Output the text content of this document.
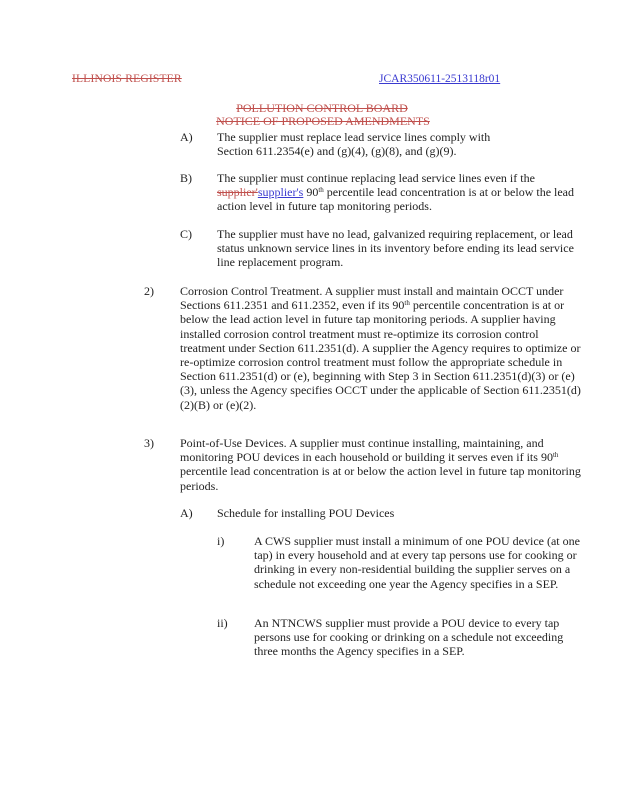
ILLINOIS REGISTER	JCAR350611-2513118r01
POLLUTION CONTROL BOARD
NOTICE OF PROPOSED AMENDMENTS
A) The supplier must replace lead service lines comply with Section 611.2354(e) and (g)(4), (g)(8), and (g)(9).

B) The supplier must continue replacing lead service lines even if the supplier'supplier's 90th percentile lead concentration is at or below the lead action level in future tap monitoring periods.

C) The supplier must have no lead, galvanized requiring replacement, or lead status unknown service lines in its inventory before ending its lead service line replacement program.

2) Corrosion Control Treatment. A supplier must install and maintain OCCT under Sections 611.2351 and 611.2352, even if its 90th percentile concentration is at or below the lead action level in future tap monitoring periods. A supplier having installed corrosion control treatment must re-optimize its corrosion control treatment under Section 611.2351(d). A supplier the Agency requires to optimize or re-optimize corrosion control treatment must follow the appropriate schedule in Section 611.2351(d) or (e), beginning with Step 3 in Section 611.2351(d)(3) or (e)(3), unless the Agency specifies OCCT under the applicable of Section 611.2351(d)(2)(B) or (e)(2).

3) Point-of-Use Devices. A supplier must continue installing, maintaining, and monitoring POU devices in each household or building it serves even if its 90th percentile lead concentration is at or below the action level in future tap monitoring periods.

A) Schedule for installing POU Devices

i) A CWS supplier must install a minimum of one POU device (at one tap) in every household and at every tap persons use for cooking or drinking in every non-residential building the supplier serves on a schedule not exceeding one year the Agency specifies in a SEP.

ii) An NTNCWS supplier must provide a POU device to every tap persons use for cooking or drinking on a schedule not exceeding three months the Agency specifies in a SEP.
